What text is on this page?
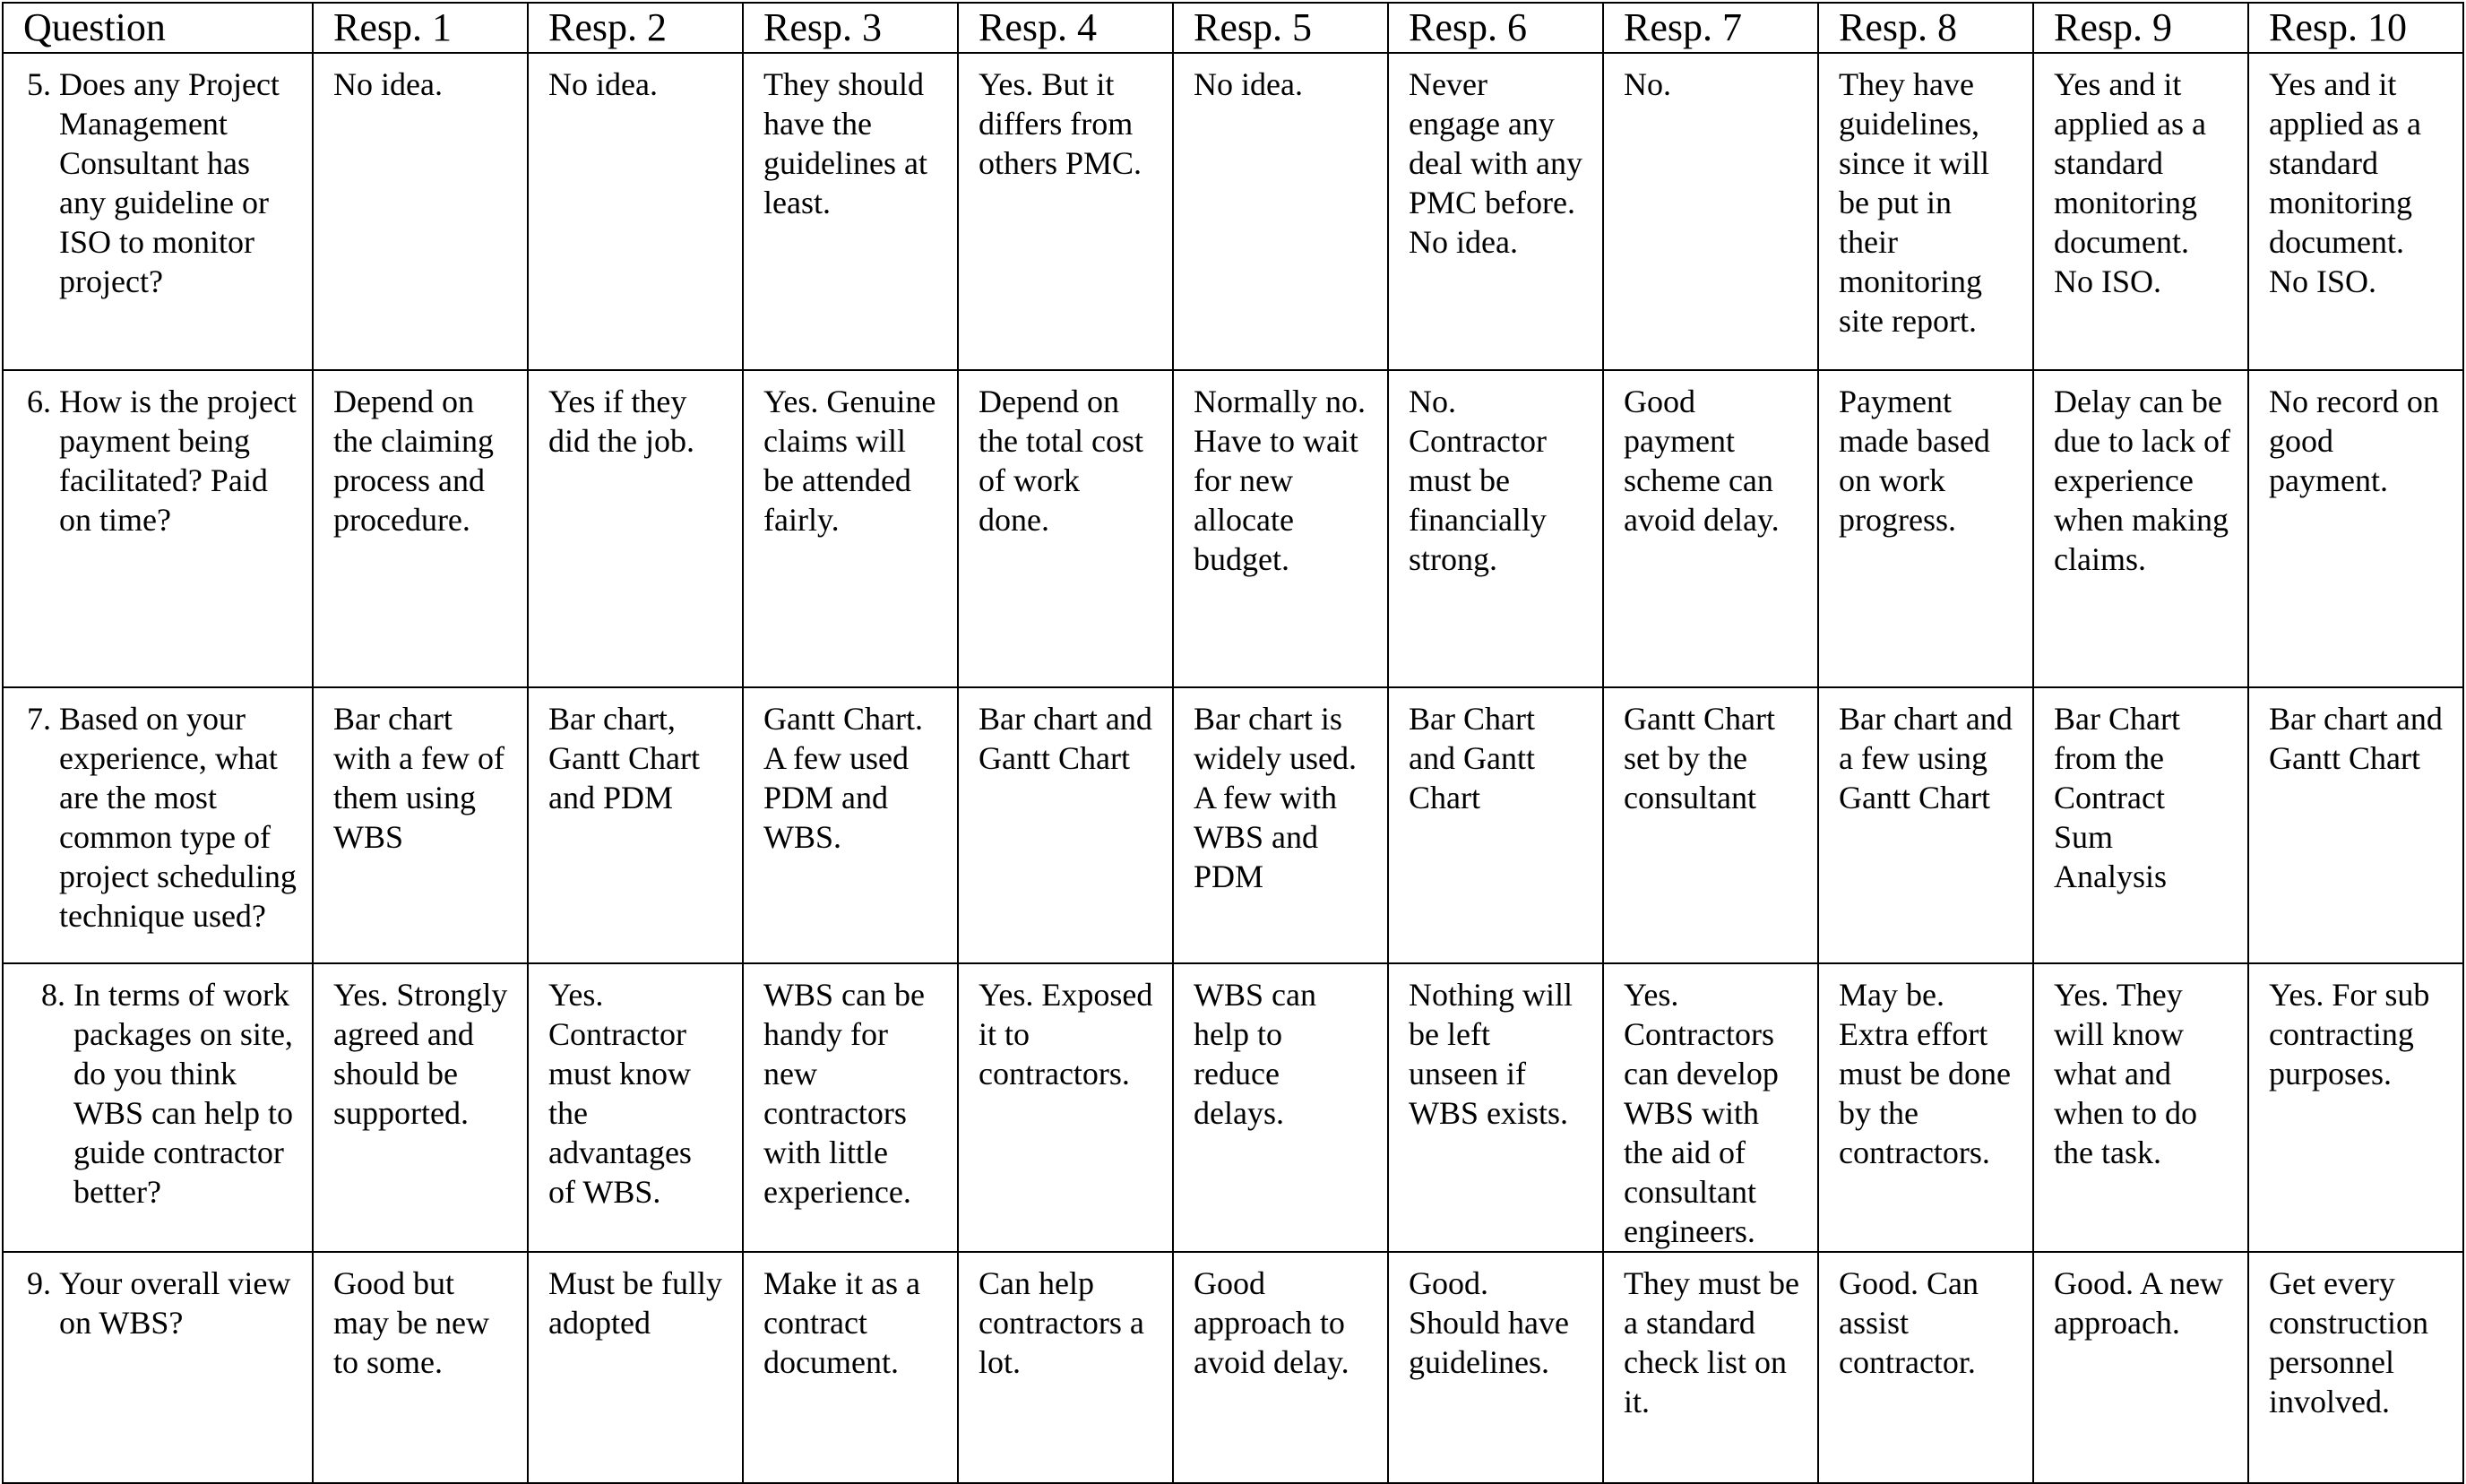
Question	Resp. 1	Resp. 2	Resp. 3	Resp. 4	Resp. 5	Resp. 6	Resp. 7	Resp. 8	Resp. 9	Resp. 10

5. Does any Project Management Consultant has any guideline or ISO to monitor project?	No idea.	No idea.	They should have the guidelines at least.	Yes. But it differs from others PMC.	No idea.	Never engage any deal with any PMC before. No idea.	No.	They have guidelines, since it will be put in their monitoring site report.	Yes and it applied as a standard monitoring document. No ISO.	Yes and it applied as a standard monitoring document. No ISO.

6. How is the project payment being facilitated? Paid on time?	Depend on the claiming process and procedure.	Yes if they did the job.	Yes. Genuine claims will be attended fairly.	Depend on the total cost of work done.	Normally no. Have to wait for new allocate budget.	No. Contractor must be financially strong.	Good payment scheme can avoid delay.	Payment made based on work progress.	Delay can be due to lack of experience when making claims.	No record on good payment.

7. Based on your experience, what are the most common type of project scheduling technique used?	Bar chart with a few of them using WBS	Bar chart, Gantt Chart and PDM	Gantt Chart. A few used PDM and WBS.	Bar chart and Gantt Chart	Bar chart is widely used. A few with WBS and PDM	Bar Chart and Gantt Chart	Gantt Chart set by the consultant	Bar chart and a few using Gantt Chart	Bar Chart from the Contract Sum Analysis	Bar chart and Gantt Chart

8. In terms of work packages on site, do you think WBS can help to guide contractor better?	Yes. Strongly agreed and should be supported.	Yes. Contractor must know the advantages of WBS.	WBS can be handy for new contractors with little experience.	Yes. Exposed it to contractors.	WBS can help to reduce delays.	Nothing will be left unseen if WBS exists.	Yes. Contractors can develop WBS with the aid of consultant engineers.	May be. Extra effort must be done by the contractors.	Yes. They will know what and when to do the task.	Yes. For sub contracting purposes.

9. Your overall view on WBS?	Good but may be new to some.	Must be fully adopted	Make it as a contract document.	Can help contractors a lot.	Good approach to avoid delay.	Good. Should have guidelines.	They must be a standard check list on it.	Good. Can assist contractor.	Good. A new approach.	Get every construction personnel involved.
